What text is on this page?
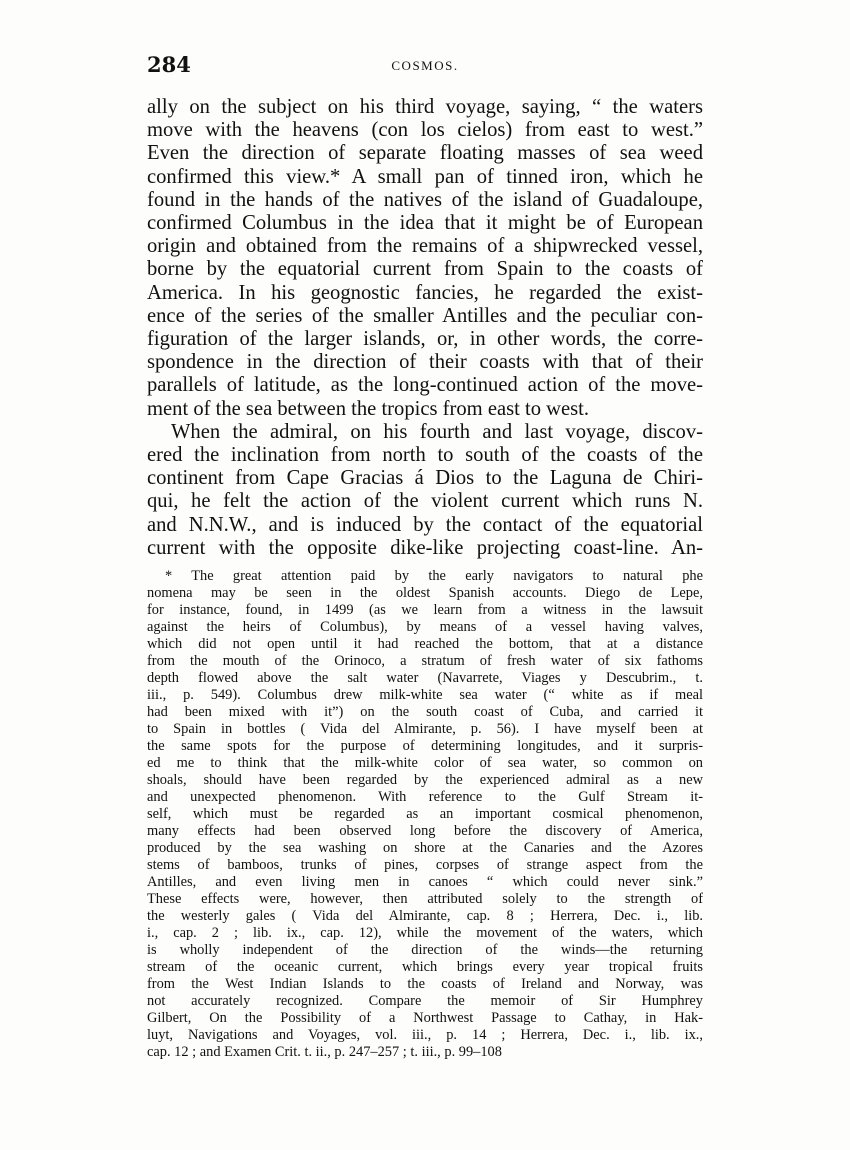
284	COSMOS.
ally on the subject on his third voyage, saying, “ the waters
move with the heavens (con los cielos) from east to west.”
Even the direction of separate floating masses of sea weed
confirmed this view.* A small pan of tinned iron, which he
found in the hands of the natives of the island of Guadaloupe,
confirmed Columbus in the idea that it might be of European
origin and obtained from the remains of a shipwrecked vessel,
borne by the equatorial current from Spain to the coasts of
America. In his geognostic fancies, he regarded the exist-
ence of the series of the smaller Antilles and the peculiar con-
figuration of the larger islands, or, in other words, the corre-
spondence in the direction of their coasts with that of their
parallels of latitude, as the long-continued action of the move-
ment of the sea between the tropics from east to west.
When the admiral, on his fourth and last voyage, discov-
ered the inclination from north to south of the coasts of the
continent from Cape Gracias á Dios to the Laguna de Chiri-
qui, he felt the action of the violent current which runs N.
and N.N.W., and is induced by the contact of the equatorial
current with the opposite dike-like projecting coast-line. An-
* The great attention paid by the early navigators to natural phe
nomena may be seen in the oldest Spanish accounts. Diego de Lepe,
for instance, found, in 1499 (as we learn from a witness in the lawsuit
against the heirs of Columbus), by means of a vessel having valves,
which did not open until it had reached the bottom, that at a distance
from the mouth of the Orinoco, a stratum of fresh water of six fathoms
depth flowed above the salt water (Navarrete, Viages y Descubrim., t.
iii., p. 549). Columbus drew milk-white sea water (“ white as if meal
had been mixed with it”) on the south coast of Cuba, and carried it
to Spain in bottles ( Vida del Almirante, p. 56). I have myself been at
the same spots for the purpose of determining longitudes, and it surpris-
ed me to think that the milk-white color of sea water, so common on
shoals, should have been regarded by the experienced admiral as a new
and unexpected phenomenon. With reference to the Gulf Stream it-
self, which must be regarded as an important cosmical phenomenon,
many effects had been observed long before the discovery of America,
produced by the sea washing on shore at the Canaries and the Azores
stems of bamboos, trunks of pines, corpses of strange aspect from the
Antilles, and even living men in canoes “ which could never sink.”
These effects were, however, then attributed solely to the strength of
the westerly gales ( Vida del Almirante, cap. 8 ; Herrera, Dec. i., lib.
i., cap. 2 ; lib. ix., cap. 12), while the movement of the waters, which
is wholly independent of the direction of the winds—the returning
stream of the oceanic current, which brings every year tropical fruits
from the West Indian Islands to the coasts of Ireland and Norway, was
not accurately recognized. Compare the memoir of Sir Humphrey
Gilbert, On the Possibility of a Northwest Passage to Cathay, in Hak-
luyt, Navigations and Voyages, vol. iii., p. 14 ; Herrera, Dec. i., lib. ix.,
cap. 12 ; and Examen Crit. t. ii., p. 247–257 ; t. iii., p. 99–108
